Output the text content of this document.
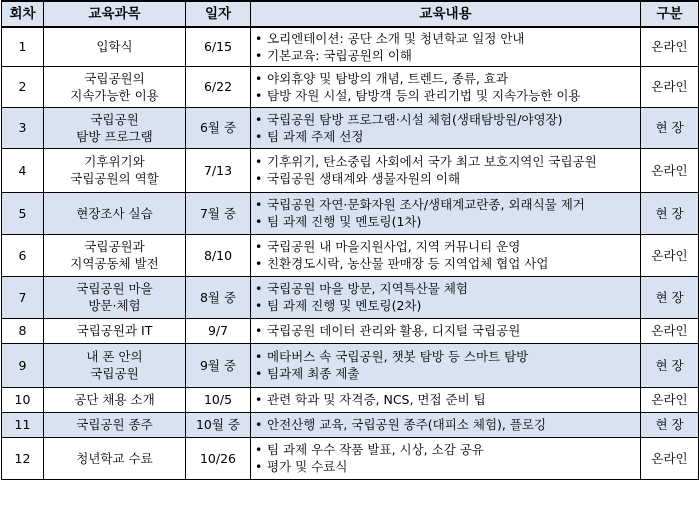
회차	교육과목	일자	교육내용	구분
1	입학식	6/15	• 오리엔테이션: 공단 소개 및 청년학교 일정 안내
• 기본교육: 국립공원의 이해	온라인
2	국립공원의
지속가능한 이용	6/22	• 야외휴양 및 탐방의 개념, 트렌드, 종류, 효과
• 탐방 자원 시설, 탐방객 등의 관리기법 및 지속가능한 이용	온라인
3	국립공원
탐방 프로그램	6월 중	• 국립공원 탐방 프로그램·시설 체험(생태탐방원/야영장)
• 팀 과제 주제 선정	현 장
4	기후위기와
국립공원의 역할	7/13	• 기후위기, 탄소중립 사회에서 국가 최고 보호지역인 국립공원
• 국립공원 생태계와 생물자원의 이해	온라인
5	현장조사 실습	7월 중	• 국립공원 자연·문화자원 조사/생태계교란종, 외래식물 제거
• 팀 과제 진행 및 멘토링(1차)	현 장
6	국립공원과
지역공동체 발전	8/10	• 국립공원 내 마을지원사업, 지역 커뮤니티 운영
• 친환경도시락, 농산물 판매장 등 지역업체 협업 사업	온라인
7	국립공원 마을
방문·체험	8월 중	• 국립공원 마을 방문, 지역특산물 체험
• 팀 과제 진행 및 멘토링(2차)	현 장
8	국립공원과 IT	9/7	• 국립공원 데이터 관리와 활용, 디지털 국립공원	온라인
9	내 폰 안의
국립공원	9월 중	• 메타버스 속 국립공원, 챗봇 탐방 등 스마트 탐방
• 팀과제 최종 제출	현 장
10	공단 채용 소개	10/5	• 관련 학과 및 자격증, NCS, 면접 준비 팁	온라인
11	국립공원 종주	10월 중	• 안전산행 교육, 국립공원 종주(대피소 체험), 플로깅	현 장
12	청년학교 수료	10/26	• 팀 과제 우수 작품 발표, 시상, 소감 공유
• 평가 및 수료식	온라인
